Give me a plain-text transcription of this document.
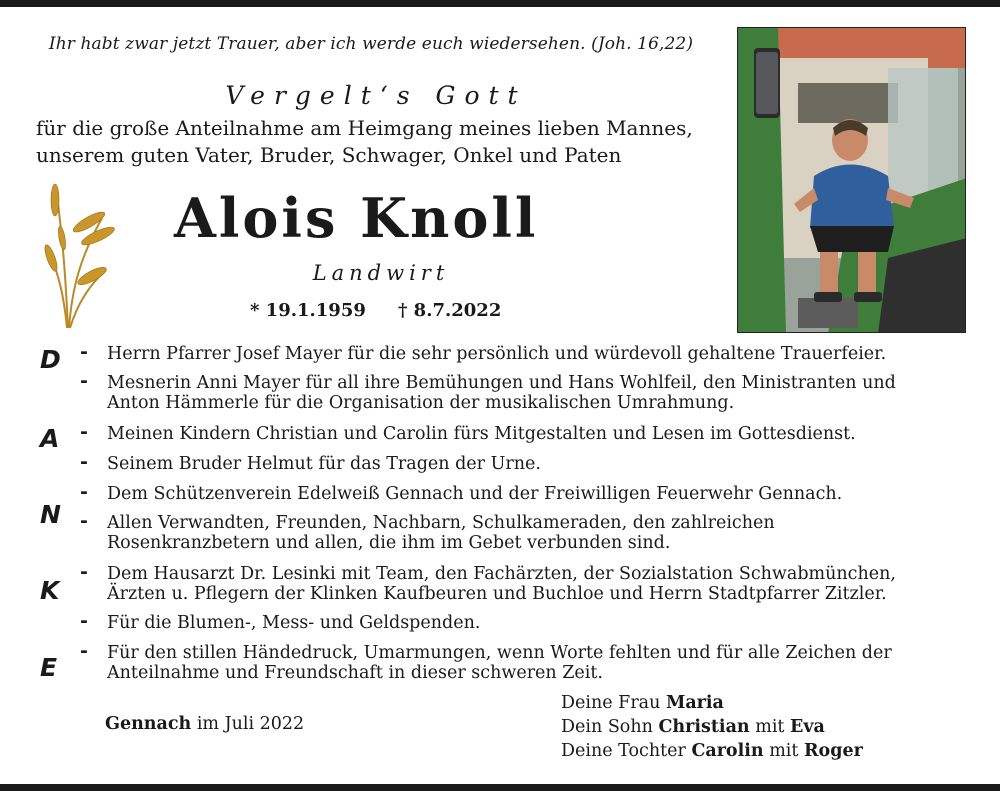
Ihr habt zwar jetzt Trauer, aber ich werde euch wiedersehen. (Joh. 16,22)
Vergelt‘s Gott
für die große Anteilnahme am Heimgang meines lieben Mannes,
unserem guten Vater, Bruder, Schwager, Onkel und Paten
Alois Knoll
Landwirt
* 19.1.1959 † 8.7.2022
D
A
N
K
E
- Herrn Pfarrer Josef Mayer für die sehr persönlich und würdevoll gehaltene Trauerfeier.
- Mesnerin Anni Mayer für all ihre Bemühungen und Hans Wohlfeil, den Ministranten und
Anton Hämmerle für die Organisation der musikalischen Umrahmung.
- Meinen Kindern Christian und Carolin fürs Mitgestalten und Lesen im Gottesdienst.
- Seinem Bruder Helmut für das Tragen der Urne.
- Dem Schützenverein Edelweiß Gennach und der Freiwilligen Feuerwehr Gennach.
- Allen Verwandten, Freunden, Nachbarn, Schulkameraden, den zahlreichen
Rosenkranzbetern und allen, die ihm im Gebet verbunden sind.
- Dem Hausarzt Dr. Lesinki mit Team, den Fachärzten, der Sozialstation Schwabmünchen,
Ärzten u. Pflegern der Klinken Kaufbeuren und Buchloe und Herrn Stadtpfarrer Zitzler.
- Für die Blumen-, Mess- und Geldspenden.
- Für den stillen Händedruck, Umarmungen, wenn Worte fehlten und für alle Zeichen der
Anteilnahme und Freundschaft in dieser schweren Zeit.
Gennach im Juli 2022
Deine Frau Maria
Dein Sohn Christian mit Eva
Deine Tochter Carolin mit Roger
